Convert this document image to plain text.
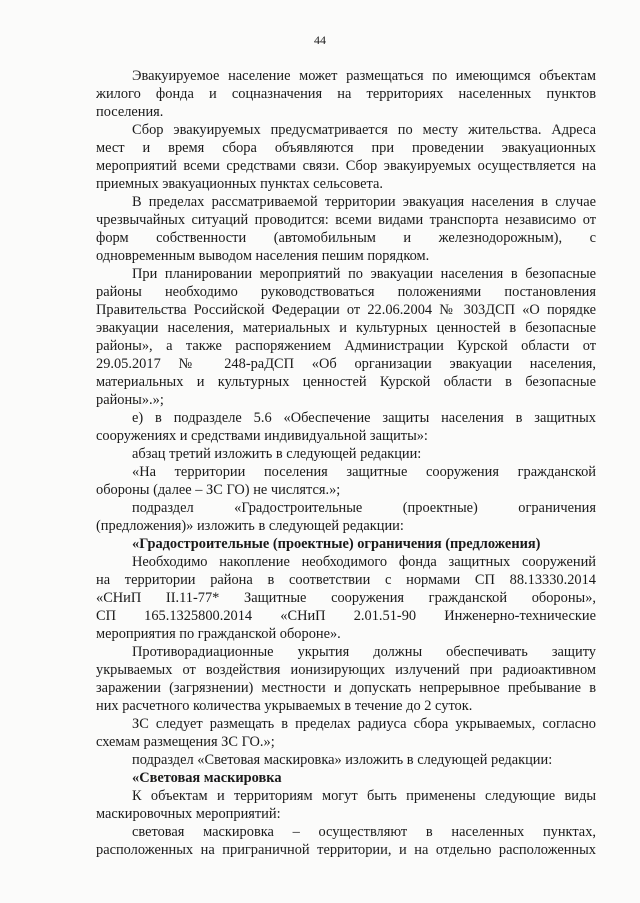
44
Эвакуируемое население может размещаться по имеющимся объектам
жилого фонда и соцназначения на территориях населенных пунктов
поселения.
Сбор эвакуируемых предусматривается по месту жительства. Адреса
мест и время сбора объявляются при проведении эвакуационных
мероприятий всеми средствами связи. Сбор эвакуируемых осуществляется на
приемных эвакуационных пунктах сельсовета.
В пределах рассматриваемой территории эвакуация населения в случае
чрезвычайных ситуаций проводится: всеми видами транспорта независимо от
форм собственности (автомобильным и железнодорожным), с
одновременным выводом населения пешим порядком.
При планировании мероприятий по эвакуации населения в безопасные
районы необходимо руководствоваться положениями постановления
Правительства Российской Федерации от 22.06.2004 № 303ДСП «О порядке
эвакуации населения, материальных и культурных ценностей в безопасные
районы», а также распоряжением Администрации Курской области от
29.05.2017 № 248-раДСП «Об организации эвакуации населения,
материальных и культурных ценностей Курской области в безопасные
районы».»;
е) в подразделе 5.6 «Обеспечение защиты населения в защитных
сооружениях и средствами индивидуальной защиты»:
абзац третий изложить в следующей редакции:
«На территории поселения защитные сооружения гражданской
обороны (далее – ЗС ГО) не числятся.»;
подраздел «Градостроительные (проектные) ограничения
(предложения)» изложить в следующей редакции:
«Градостроительные (проектные) ограничения (предложения)
Необходимо накопление необходимого фонда защитных сооружений
на территории района в соответствии с нормами СП 88.13330.2014
«СНиП II.11-77* Защитные сооружения гражданской обороны»,
СП 165.1325800.2014 «СНиП 2.01.51-90 Инженерно-технические
мероприятия по гражданской обороне».
Противорадиационные укрытия должны обеспечивать защиту
укрываемых от воздействия ионизирующих излучений при радиоактивном
заражении (загрязнении) местности и допускать непрерывное пребывание в
них расчетного количества укрываемых в течение до 2 суток.
ЗС следует размещать в пределах радиуса сбора укрываемых, согласно
схемам размещения ЗС ГО.»;
подраздел «Световая маскировка» изложить в следующей редакции:
«Световая маскировка
К объектам и территориям могут быть применены следующие виды
маскировочных мероприятий:
световая маскировка – осуществляют в населенных пунктах,
расположенных на приграничной территории, и на отдельно расположенных
